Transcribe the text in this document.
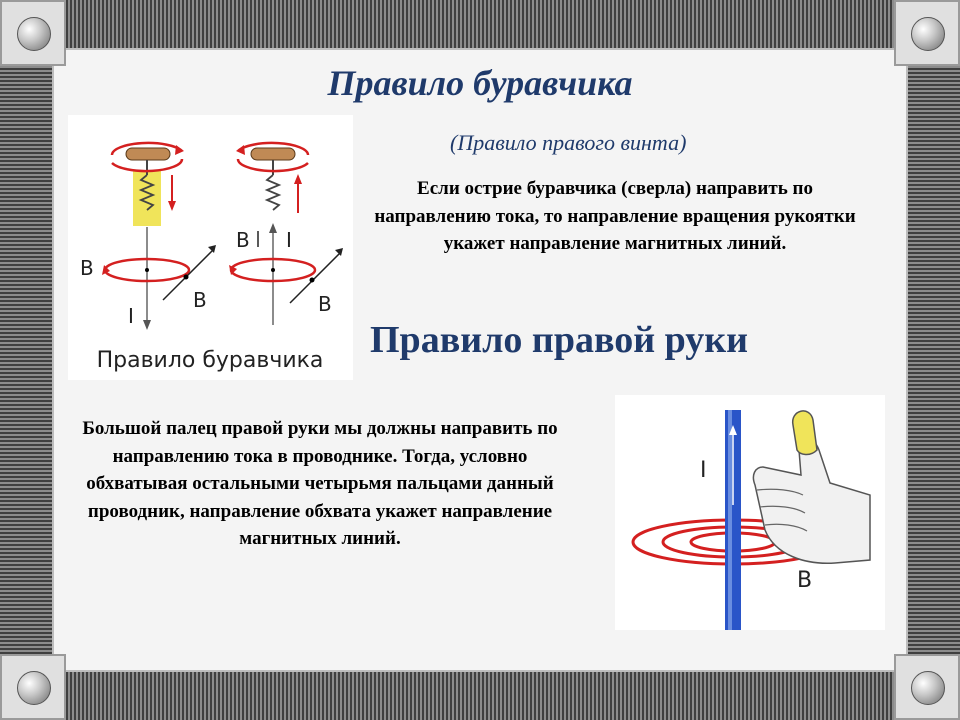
Правило буравчика
(Правило правого винта)
Если острие буравчика (сверла) направить по направлению тока, то направление вращения рукоятки укажет направление магнитных линий.
Правило правой руки
Большой палец правой руки мы должны направить по направлению тока в проводнике. Тогда, условно обхватывая остальными четырьмя пальцами данный проводник, направление обхвата укажет направление магнитных линий.
B
B
I
B I
B
Правило буравчика
I
B
